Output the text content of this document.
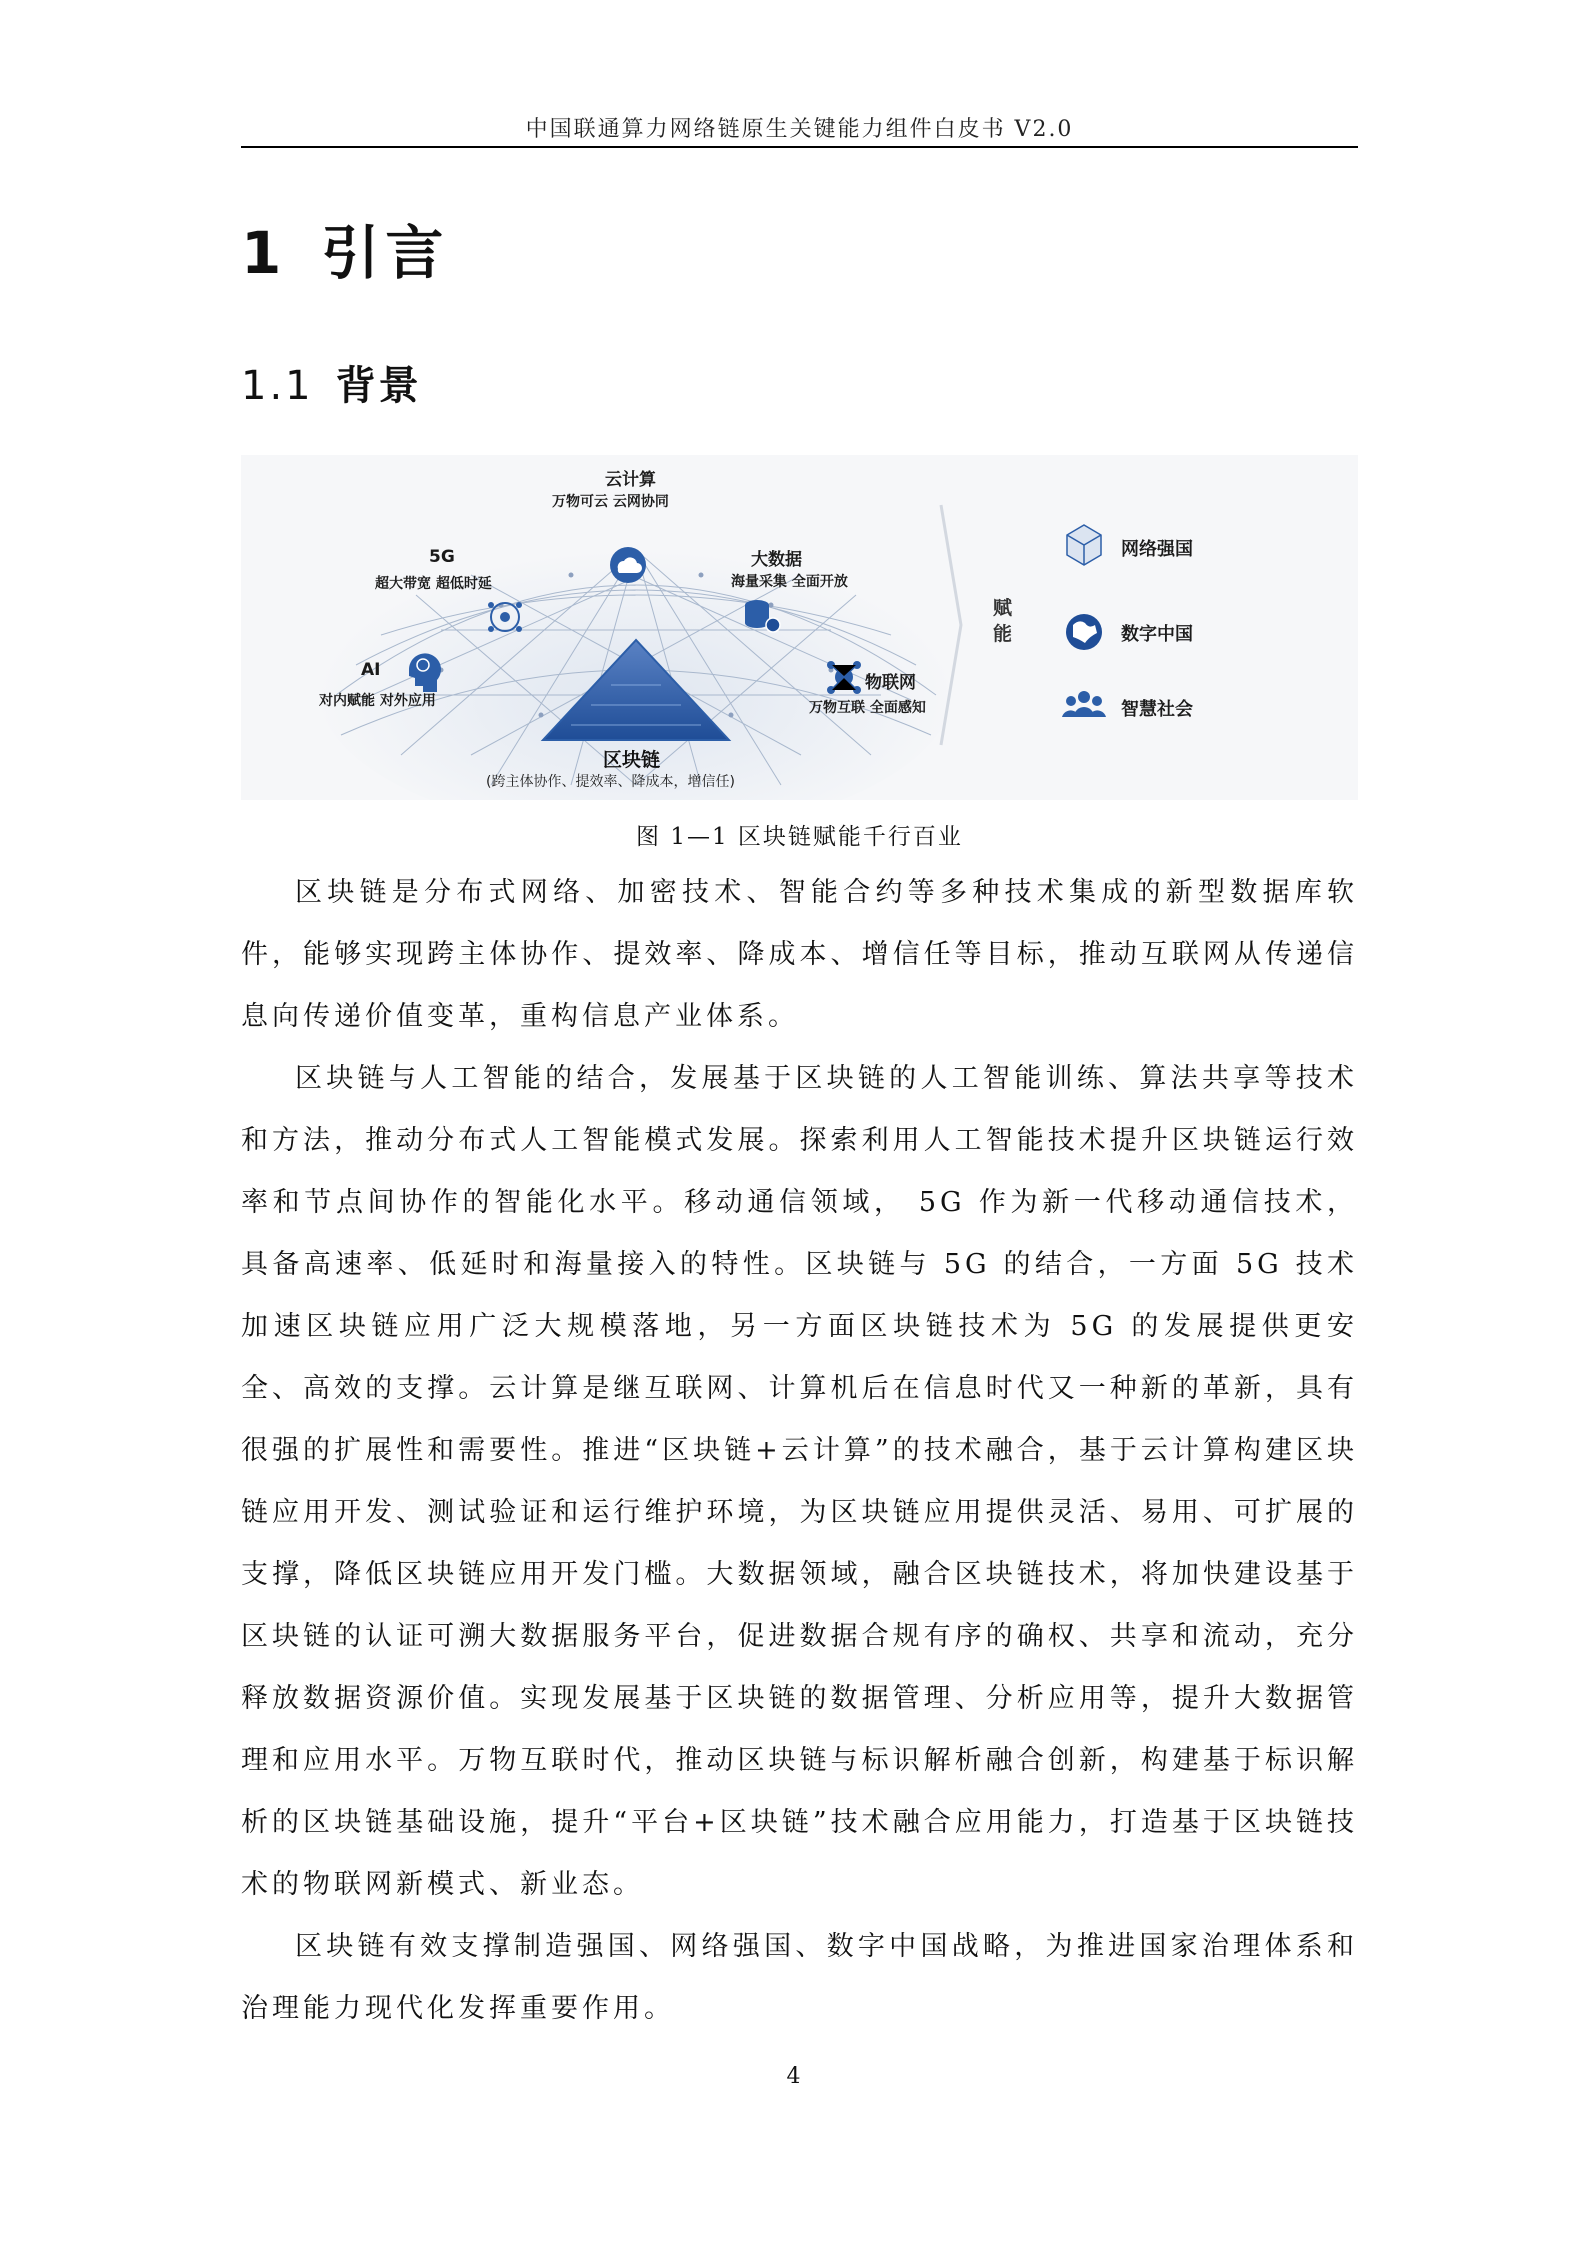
中国联通算力网络链原生关键能力组件白皮书 V2.0
1 引言
1.1 背景
云计算
万物可云 云网协同
5G
超大带宽 超低时延
大数据
海量采集 全面开放
AI
对内赋能 对外应用
物联网
万物互联 全面感知
区块链
(跨主体协作、提效率、降成本，增信任)
赋能
网络强国
数字中国
智慧社会
图 1—1 区块链赋能千行百业

区块链是分布式网络、加密技术、智能合约等多种技术集成的新型数据库软件，能够实现跨主体协作、提效率、降成本、增信任等目标，推动互联网从传递信息向传递价值变革，重构信息产业体系。

区块链与人工智能的结合，发展基于区块链的人工智能训练、算法共享等技术和方法，推动分布式人工智能模式发展。探索利用人工智能技术提升区块链运行效率和节点间协作的智能化水平。移动通信领域， 5G 作为新一代移动通信技术，具备高速率、低延时和海量接入的特性。区块链与 5G 的结合，一方面 5G 技术加速区块链应用广泛大规模落地，另一方面区块链技术为 5G 的发展提供更安全、高效的支撑。云计算是继互联网、计算机后在信息时代又一种新的革新，具有很强的扩展性和需要性。推进“区块链+云计算”的技术融合，基于云计算构建区块链应用开发、测试验证和运行维护环境，为区块链应用提供灵活、易用、可扩展的支撑，降低区块链应用开发门槛。大数据领域，融合区块链技术，将加快建设基于区块链的认证可溯大数据服务平台，促进数据合规有序的确权、共享和流动，充分释放数据资源价值。实现发展基于区块链的数据管理、分析应用等，提升大数据管理和应用水平。万物互联时代，推动区块链与标识解析融合创新，构建基于标识解析的区块链基础设施，提升“平台+区块链”技术融合应用能力，打造基于区块链技术的物联网新模式、新业态。

区块链有效支撑制造强国、网络强国、数字中国战略，为推进国家治理体系和治理能力现代化发挥重要作用。

4
